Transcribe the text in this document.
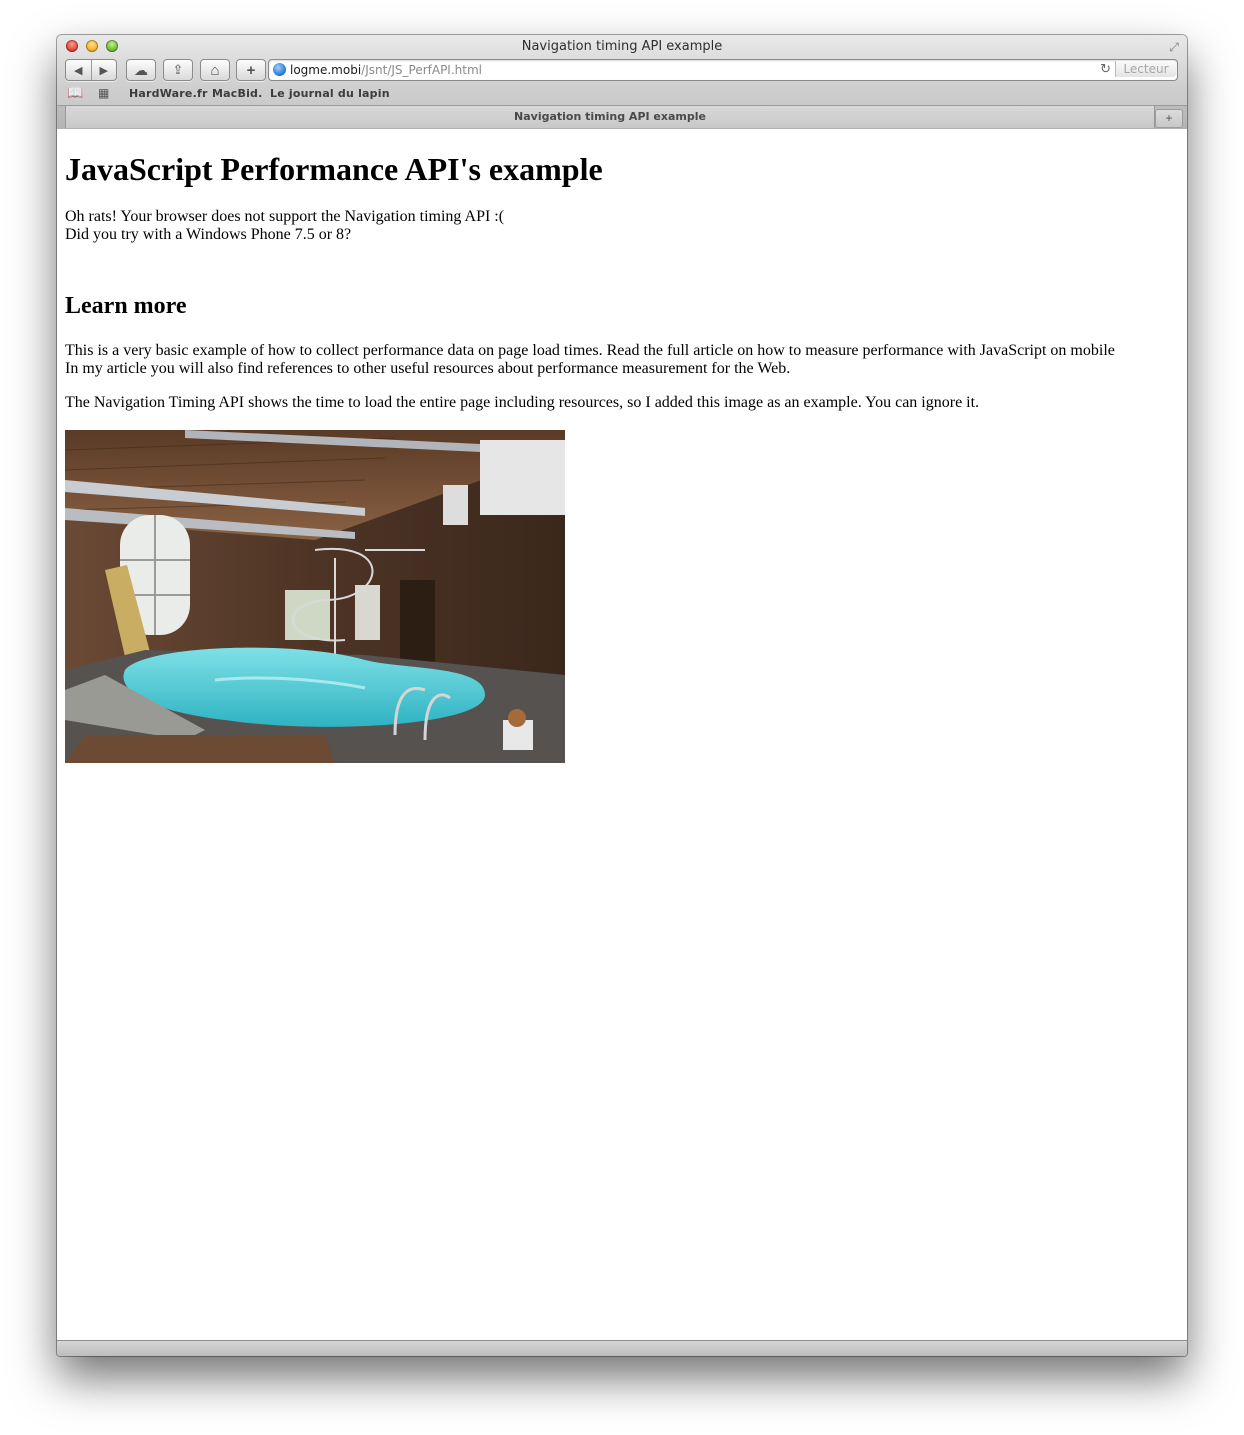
Navigation timing API example	⤢
◀	▶	☁ ⇪ ⌂ +	logme.mobi/Jsnt/JS_PerfAPI.html	↻	Lecteur
📖 ▦ HardWare.fr MacBid. Le journal du lapin
Navigation timing API example	+
JavaScript Performance API's example

Oh rats! Your browser does not support the Navigation timing API :(
Did you try with a Windows Phone 7.5 or 8?

Learn more

This is a very basic example of how to collect performance data on page load times. Read the full article on how to measure performance with JavaScript on mobile
In my article you will also find references to other useful resources about performance measurement for the Web.

The Navigation Timing API shows the time to load the entire page including resources, so I added this image as an example. You can ignore it.
